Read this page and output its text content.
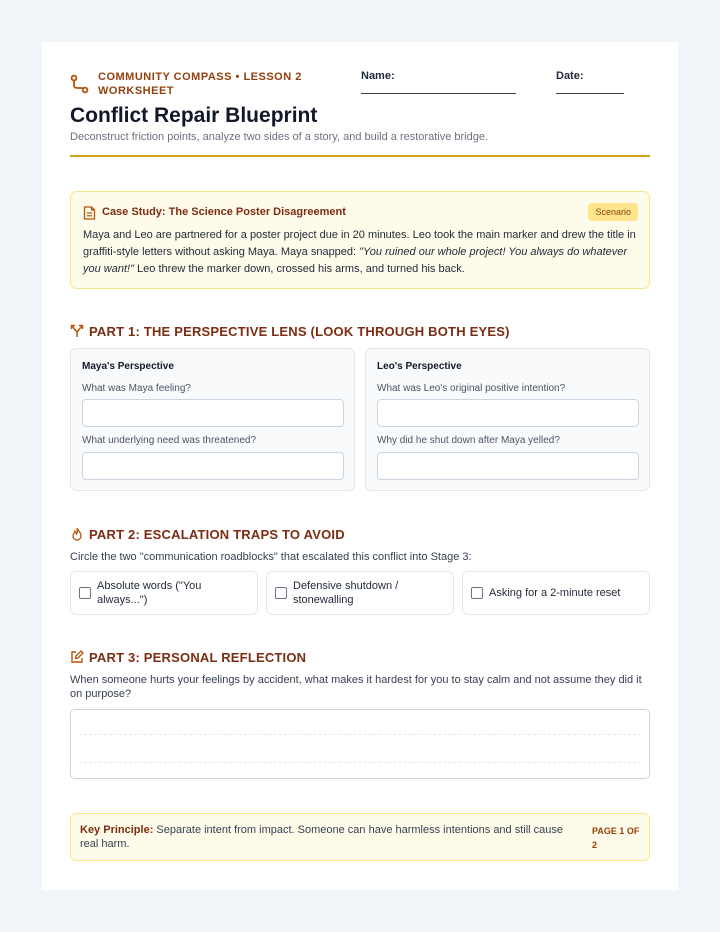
COMMUNITY COMPASS • LESSON 2 WORKSHEET
Name:	Date:
Conflict Repair Blueprint
Deconstruct friction points, analyze two sides of a story, and build a restorative bridge.
Case Study: The Science Poster Disagreement	Scenario
Maya and Leo are partnered for a poster project due in 20 minutes. Leo took the main marker and drew the title in graffiti-style letters without asking Maya. Maya snapped: "You ruined our whole project! You always do whatever you want!" Leo threw the marker down, crossed his arms, and turned his back.
PART 1: THE PERSPECTIVE LENS (LOOK THROUGH BOTH EYES)
Maya's Perspective
What was Maya feeling?
What underlying need was threatened?
Leo's Perspective
What was Leo's original positive intention?
Why did he shut down after Maya yelled?
PART 2: ESCALATION TRAPS TO AVOID
Circle the two "communication roadblocks" that escalated this conflict into Stage 3:
Absolute words ("You always...")
Defensive shutdown / stonewalling
Asking for a 2-minute reset
PART 3: PERSONAL REFLECTION
When someone hurts your feelings by accident, what makes it hardest for you to stay calm and not assume they did it on purpose?
Key Principle: Separate intent from impact. Someone can have harmless intentions and still cause real harm.
PAGE 1 OF 2
